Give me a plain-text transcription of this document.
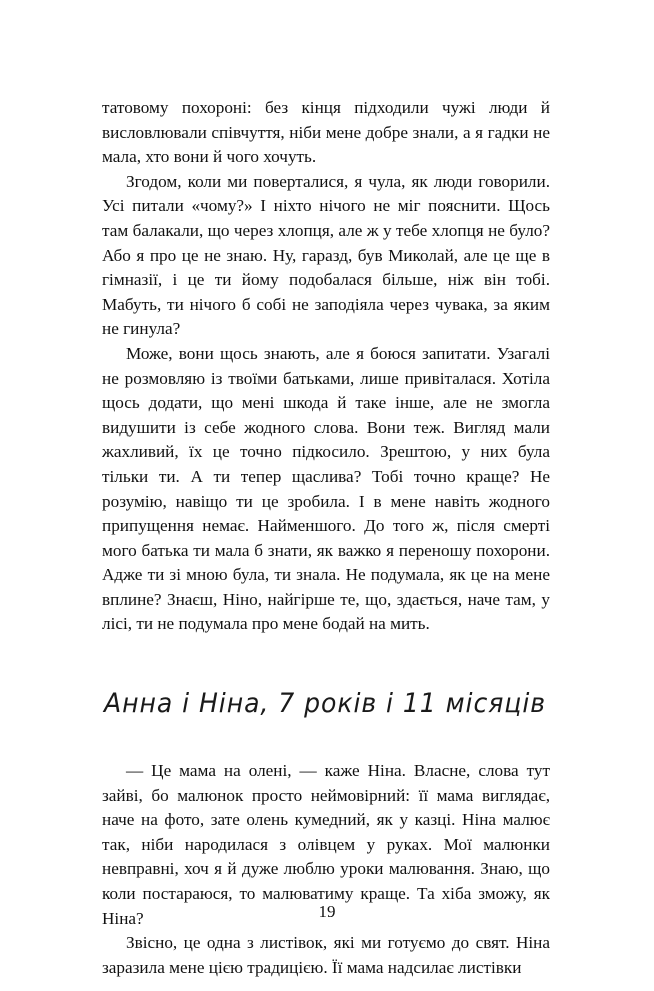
татовому похороні: без кінця підходили чужі люди й висловлювали співчуття, ніби мене добре знали, а я гадки не мала, хто вони й чого хочуть.

Згодом, коли ми поверталися, я чула, як люди говорили. Усі питали «чому?» І ніхто нічого не міг пояснити. Щось там балакали, що через хлопця, але ж у тебе хлопця не було? Або я про це не знаю. Ну, гаразд, був Миколай, але це ще в гімназії, і це ти йому подобалася більше, ніж він тобі. Мабуть, ти нічого б собі не заподіяла через чувака, за яким не гинула?

Може, вони щось знають, але я боюся запитати. Узагалі не розмовляю із твоїми батьками, лише привіталася. Хотіла щось додати, що мені шкода й таке інше, але не змогла видушити із себе жодного слова. Вони теж. Вигляд мали жахливий, їх це точно підкосило. Зрештою, у них була тільки ти. А ти тепер щаслива? Тобі точно краще? Не розумію, навіщо ти це зробила. І в мене навіть жодного припущення немає. Найменшого. До того ж, після смерті мого батька ти мала б знати, як важко я переношу похорони. Адже ти зі мною була, ти знала. Не подумала, як це на мене вплине? Знаєш, Ніно, найгірше те, що, здається, наче там, у лісі, ти не подумала про мене бодай на мить.

Анна і Ніна, 7 років і 11 місяців

— Це мама на олені, — каже Ніна. Власне, слова тут зайві, бо малюнок просто неймовірний: її мама виглядає, наче на фото, зате олень кумедний, як у казці. Ніна малює так, ніби народилася з олівцем у руках. Мої малюнки невправні, хоч я й дуже люблю уроки малювання. Знаю, що коли постараюся, то малюватиму краще. Та хіба зможу, як Ніна?

Звісно, це одна з листівок, які ми готуємо до свят. Ніна заразила мене цією традицією. Її мама надсилає листівки

19
